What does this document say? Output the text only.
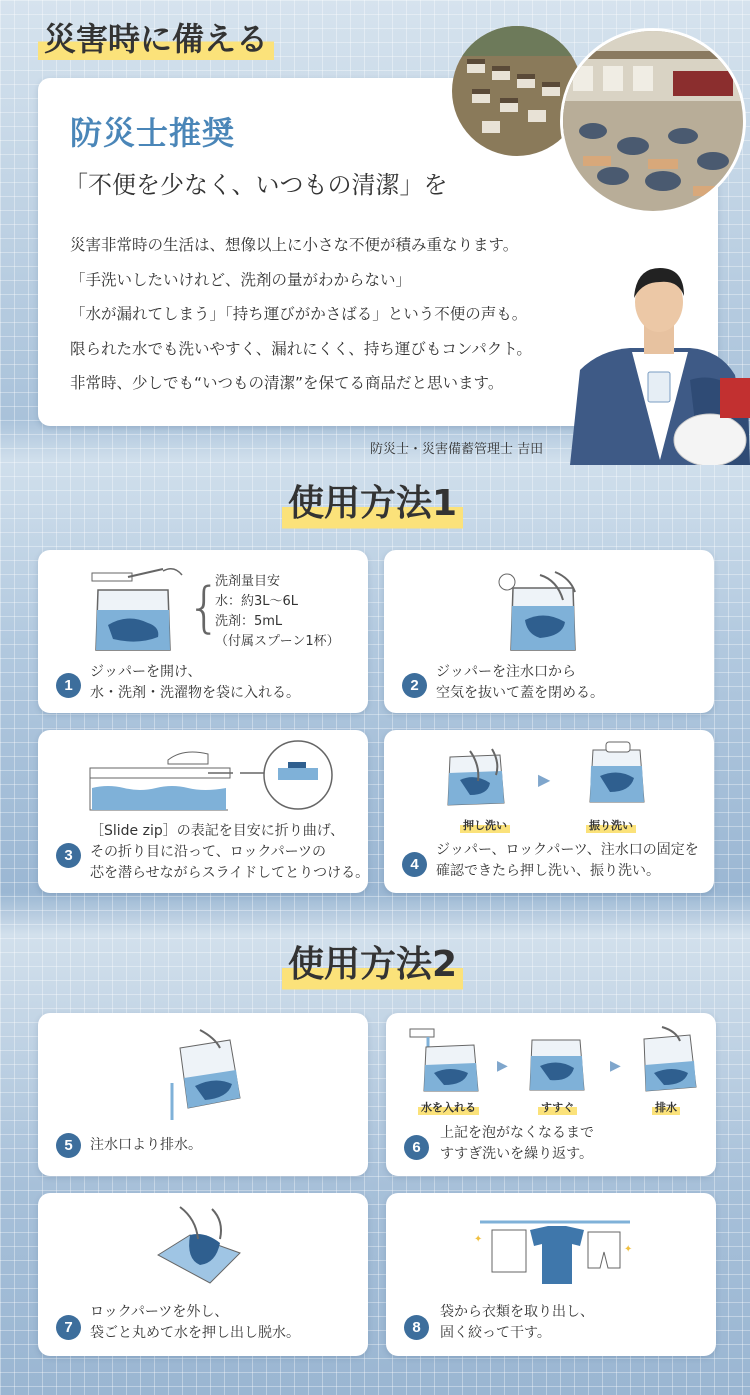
災害時に備える
防災士推奨
「不便を少なく、いつもの清潔」を
災害非常時の生活は、想像以上に小さな不便が積み重なります。
「手洗いしたいけれど、洗剤の量がわからない」
「水が漏れてしまう」「持ち運びがかさばる」という不便の声も。
限られた水でも洗いやすく、漏れにくく、持ち運びもコンパクト。
非常時、少しでも“いつもの清潔”を保てる商品だと思います。
防災士・災害備蓄管理士 吉田
使用方法1
{
洗剤量目安
水：約3L〜6L
洗剤：5mL
（付属スプーン1杯）
1
ジッパーを開け、
水・洗剤・洗濯物を袋に入れる。	2
ジッパーを注水口から
空気を抜いて蓋を閉める。
3
［Slide zip］の表記を目安に折り曲げ、
その折り目に沿って、ロックパーツの
芯を潜らせながらスライドしてとりつける。
▶
押し洗い	振り洗い
4
ジッパー、ロックパーツ、注水口の固定を
確認できたら押し洗い、振り洗い。
使用方法2
5	注水口より排水。
▶	▶
水を入れる	すすぐ	排水
6
上記を泡がなくなるまで
すすぎ洗いを繰り返す。
7
ロックパーツを外し、
袋ごと丸めて水を押し出し脱水。
✦
✦
8
袋から衣類を取り出し、
固く絞って干す。
